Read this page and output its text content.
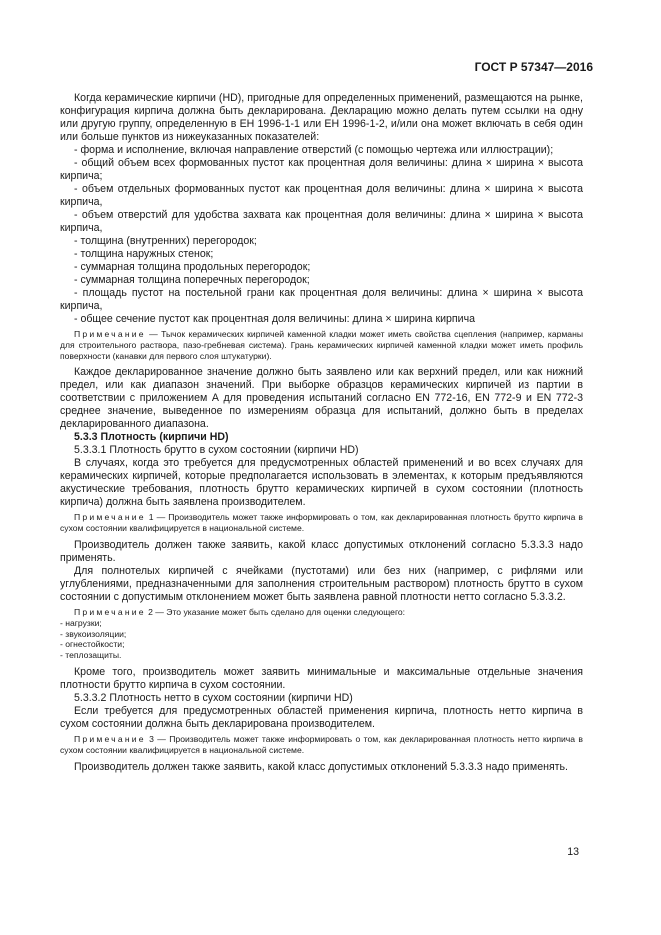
ГОСТ Р 57347—2016

Когда керамические кирпичи (HD), пригодные для определенных применений, размещаются на рынке, конфигурация кирпича должна быть декларирована. Декларацию можно делать путем ссылки на одну или другую группу, определенную в ЕН 1996-1-1 или ЕН 1996-1-2, и/или она может включать в себя один или больше пунктов из нижеуказанных показателей:

- форма и исполнение, включая направление отверстий (с помощью чертежа или иллюстрации);

- общий объем всех формованных пустот как процентная доля величины: длина × ширина × высота кирпича;

- объем отдельных формованных пустот как процентная доля величины: длина × ширина × высота кирпича,

- объем отверстий для удобства захвата как процентная доля величины: длина × ширина × высота кирпича,

- толщина (внутренних) перегородок;

- толщина наружных стенок;

- суммарная толщина продольных перегородок;

- суммарная толщина поперечных перегородок;

- площадь пустот на постельной грани как процентная доля величины: длина × ширина × высота кирпича,

- общее сечение пустот как процентная доля величины: длина × ширина кирпича

Примечание — Тычок керамических кирпичей каменной кладки может иметь свойства сцепления (например, карманы для строительного раствора, пазо-гребневая система). Грань керамических кирпичей каменной кладки может иметь профиль поверхности (канавки для первого слоя штукатурки).

Каждое декларированное значение должно быть заявлено или как верхний предел, или как нижний предел, или как диапазон значений. При выборке образцов керамических кирпичей из партии в соответствии с приложением А для проведения испытаний согласно EN 772-16, EN 772-9 и EN 772-3 среднее значение, выведенное по измерениям образца для испытаний, должно быть в пределах декларированного диапазона.

5.3.3 Плотность (кирпичи HD)

5.3.3.1 Плотность брутто в сухом состоянии (кирпичи HD)

В случаях, когда это требуется для предусмотренных областей применений и во всех случаях для керамических кирпичей, которые предполагается использовать в элементах, к которым предъявляются акустические требования, плотность брутто керамических кирпичей в сухом состоянии (плотность кирпича) должна быть заявлена производителем.

Примечание 1 — Производитель может также информировать о том, как декларированная плотность брутто кирпича в сухом состоянии квалифицируется в национальной системе.

Производитель должен также заявить, какой класс допустимых отклонений согласно 5.3.3.3 надо применять.

Для полнотелых кирпичей с ячейками (пустотами) или без них (например, с рифлями или углублениями, предназначенными для заполнения строительным раствором) плотность брутто в сухом состоянии с допустимым отклонением может быть заявлена равной плотности нетто согласно 5.3.3.2.

Примечание 2 — Это указание может быть сделано для оценки следующего:

- нагрузки;

- звукоизоляции;

- огнестойкости;

- теплозащиты.

Кроме того, производитель может заявить минимальные и максимальные отдельные значения плотности брутто кирпича в сухом состоянии.

5.3.3.2 Плотность нетто в сухом состоянии (кирпичи HD)

Если требуется для предусмотренных областей применения кирпича, плотность нетто кирпича в сухом состоянии должна быть декларирована производителем.

Примечание 3 — Производитель может также информировать о том, как декларированная плотность нетто кирпича в сухом состоянии квалифицируется в национальной системе.

Производитель должен также заявить, какой класс допустимых отклонений 5.3.3.3 надо применять.

13
